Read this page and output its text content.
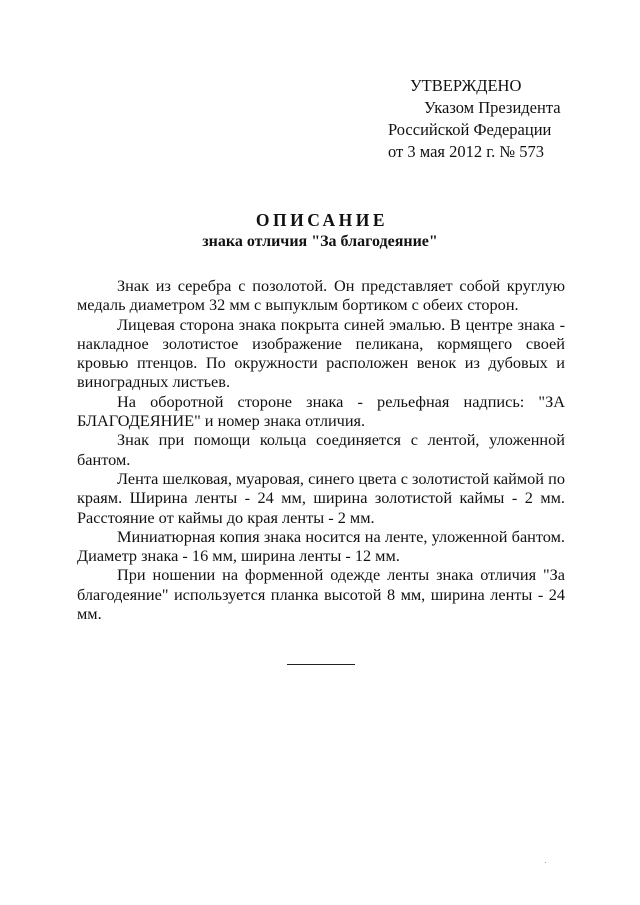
УТВЕРЖДЕНО
Указом Президента
Российской Федерации
от 3 мая 2012 г. № 573
ОПИСАНИЕ
знака отличия "За благодеяние"

Знак из серебра с позолотой. Он представляет собой круглую медаль диаметром 32 мм с выпуклым бортиком с обеих сторон.

Лицевая сторона знака покрыта синей эмалью. В центре знака - накладное золотистое изображение пеликана, кормящего своей кровью птенцов. По окружности расположен венок из дубовых и виноградных листьев.

На оборотной стороне знака - рельефная надпись: "ЗА БЛАГОДЕЯНИЕ" и номер знака отличия.

Знак при помощи кольца соединяется с лентой, уложенной бантом.

Лента шелковая, муаровая, синего цвета с золотистой каймой по краям. Ширина ленты - 24 мм, ширина золотистой каймы - 2 мм. Расстояние от каймы до края ленты - 2 мм.

Миниатюрная копия знака носится на ленте, уложенной бантом. Диаметр знака - 16 мм, ширина ленты - 12 мм.

При ношении на форменной одежде ленты знака отличия "За благодеяние" используется планка высотой 8 мм, ширина ленты - 24 мм.
